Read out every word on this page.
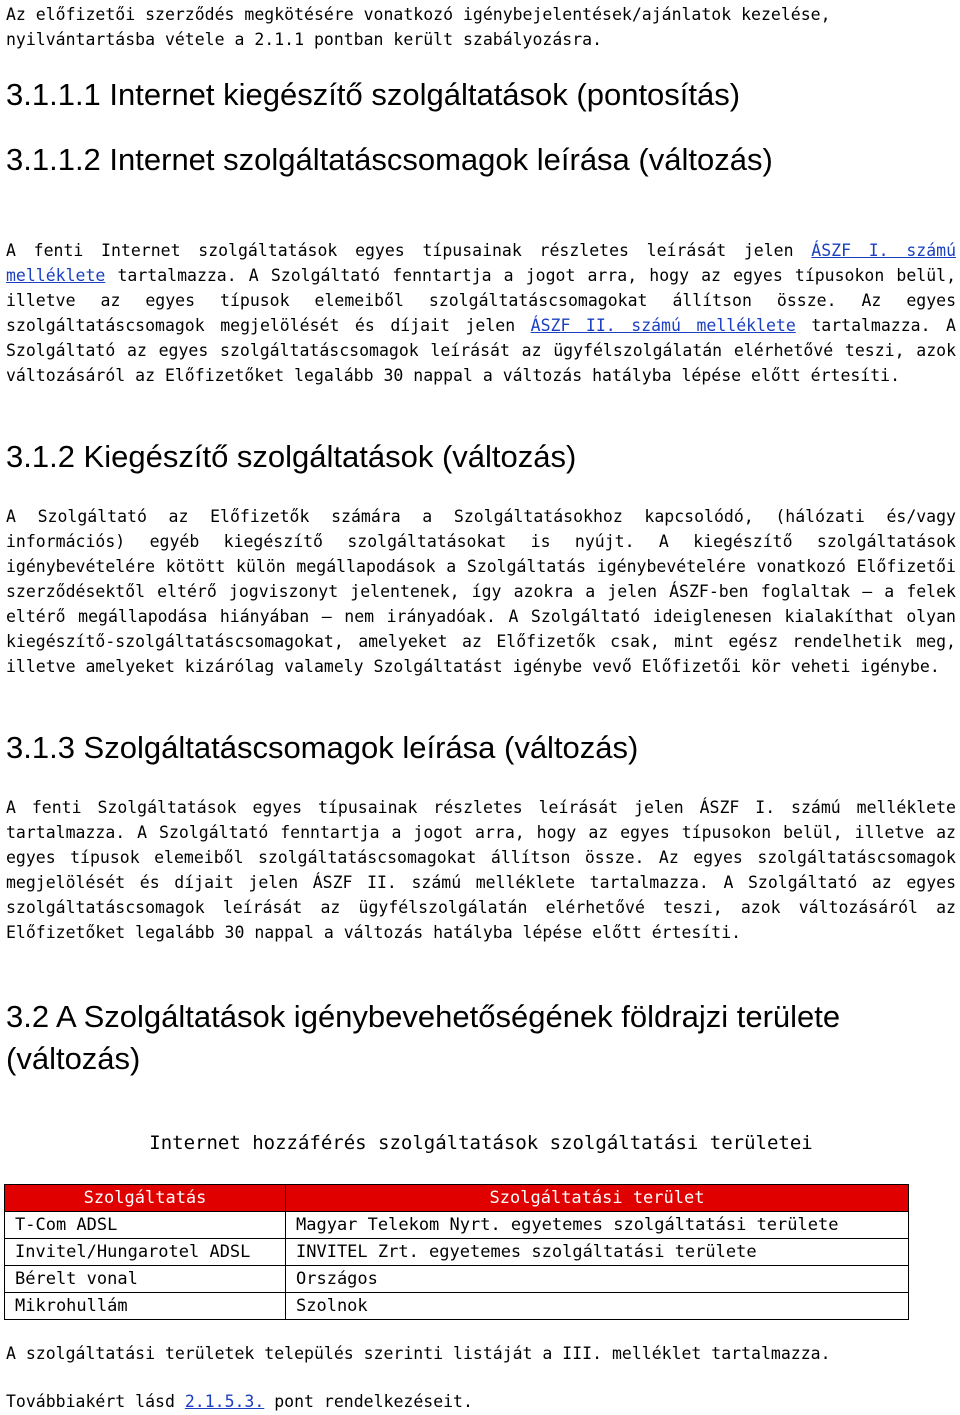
Az előfizetői szerződés megkötésére vonatkozó igénybejelentések/ajánlatok kezelése,
nyilvántartásba vétele a 2.1.1 pontban került szabályozásra.

3.1.1.1 Internet kiegészítő szolgáltatások (pontosítás)
3.1.1.2 Internet szolgáltatáscsomagok leírása (változás)

A fenti Internet szolgáltatások egyes típusainak részletes leírását jelen ÁSZF I. számú melléklete tartalmazza. A Szolgáltató fenntartja a jogot arra, hogy az egyes típusokon belül, illetve az egyes típusok elemeiből szolgáltatáscsomagokat állítson össze. Az egyes szolgáltatáscsomagok megjelölését és díjait jelen ÁSZF II. számú melléklete tartalmazza. A Szolgáltató az egyes szolgáltatáscsomagok leírását az ügyfélszolgálatán elérhetővé teszi, azok változásáról az Előfizetőket legalább 30 nappal a változás hatályba lépése előtt értesíti.

3.1.2 Kiegészítő szolgáltatások (változás)

A Szolgáltató az Előfizetők számára a Szolgáltatásokhoz kapcsolódó, (hálózati és/vagy információs) egyéb kiegészítő szolgáltatásokat is nyújt. A kiegészítő szolgáltatások igénybevételére kötött külön megállapodások a Szolgáltatás igénybevételére vonatkozó Előfizetői szerződésektől eltérő jogviszonyt jelentenek, így azokra a jelen ÁSZF-ben foglaltak – a felek eltérő megállapodása hiányában – nem irányadóak. A Szolgáltató ideiglenesen kialakíthat olyan kiegészítő-szolgáltatáscsomagokat, amelyeket az Előfizetők csak, mint egész rendelhetik meg, illetve amelyeket kizárólag valamely Szolgáltatást igénybe vevő Előfizetői kör veheti igénybe.

3.1.3 Szolgáltatáscsomagok leírása (változás)

A fenti Szolgáltatások egyes típusainak részletes leírását jelen ÁSZF I. számú melléklete tartalmazza. A Szolgáltató fenntartja a jogot arra, hogy az egyes típusokon belül, illetve az egyes típusok elemeiből szolgáltatáscsomagokat állítson össze. Az egyes szolgáltatáscsomagok megjelölését és díjait jelen ÁSZF II. számú melléklete tartalmazza. A Szolgáltató az egyes szolgáltatáscsomagok leírását az ügyfélszolgálatán elérhetővé teszi, azok változásáról az Előfizetőket legalább 30 nappal a változás hatályba lépése előtt értesíti.

3.2 A Szolgáltatások igénybevehetőségének földrajzi területe
(változás)

Internet hozzáférés szolgáltatások szolgáltatási területei

Szolgáltatás	Szolgáltatási terület
T-Com ADSL	Magyar Telekom Nyrt. egyetemes szolgáltatási területe
Invitel/Hungarotel ADSL	INVITEL Zrt. egyetemes szolgáltatási területe
Bérelt vonal	Országos
Mikrohullám	Szolnok

A szolgáltatási területek település szerinti listáját a III. melléklet tartalmazza.

Továbbiakért lásd 2.1.5.3. pont rendelkezéseit.
